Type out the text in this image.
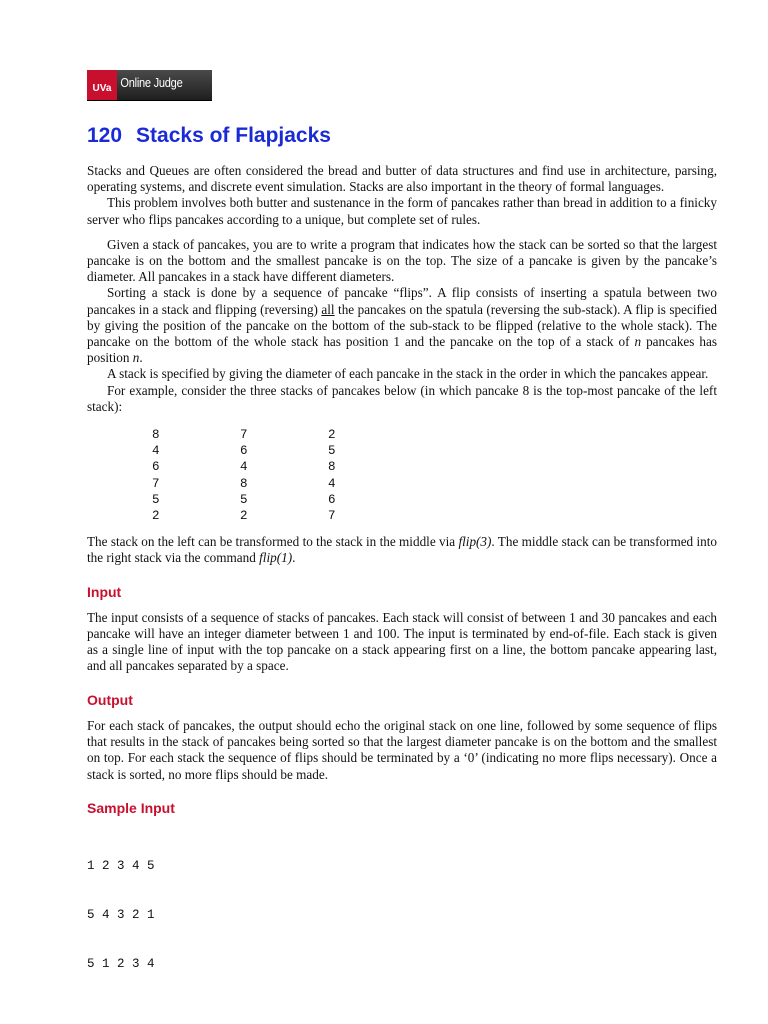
UVa Online Judge
120 Stacks of Flapjacks

Stacks and Queues are often considered the bread and butter of data structures and find use in architecture, parsing, operating systems, and discrete event simulation. Stacks are also important in the theory of formal languages.

This problem involves both butter and sustenance in the form of pancakes rather than bread in addition to a finicky server who flips pancakes according to a unique, but complete set of rules.

Given a stack of pancakes, you are to write a program that indicates how the stack can be sorted so that the largest pancake is on the bottom and the smallest pancake is on the top. The size of a pancake is given by the pancake’s diameter. All pancakes in a stack have different diameters.

Sorting a stack is done by a sequence of pancake “flips”. A flip consists of inserting a spatula between two pancakes in a stack and flipping (reversing) all the pancakes on the spatula (reversing the sub-stack). A flip is specified by giving the position of the pancake on the bottom of the sub-stack to be flipped (relative to the whole stack). The pancake on the bottom of the whole stack has position 1 and the pancake on the top of a stack of n pancakes has position n.

A stack is specified by giving the diameter of each pancake in the stack in the order in which the pancakes appear.

For example, consider the three stacks of pancakes below (in which pancake 8 is the top-most pancake of the left stack):

8
4
6
7
5
2
7
6
4
8
5
2
2
5
8
4
6
7

The stack on the left can be transformed to the stack in the middle via flip(3). The middle stack can be transformed into the right stack via the command flip(1).

Input

The input consists of a sequence of stacks of pancakes. Each stack will consist of between 1 and 30 pancakes and each pancake will have an integer diameter between 1 and 100. The input is terminated by end-of-file. Each stack is given as a single line of input with the top pancake on a stack appearing first on a line, the bottom pancake appearing last, and all pancakes separated by a space.

Output

For each stack of pancakes, the output should echo the original stack on one line, followed by some sequence of flips that results in the stack of pancakes being sorted so that the largest diameter pancake is on the bottom and the smallest on top. For each stack the sequence of flips should be terminated by a ‘0’ (indicating no more flips necessary). Once a stack is sorted, no more flips should be made.

Sample Input

1 2 3 4 5

5 4 3 2 1

5 1 2 3 4
